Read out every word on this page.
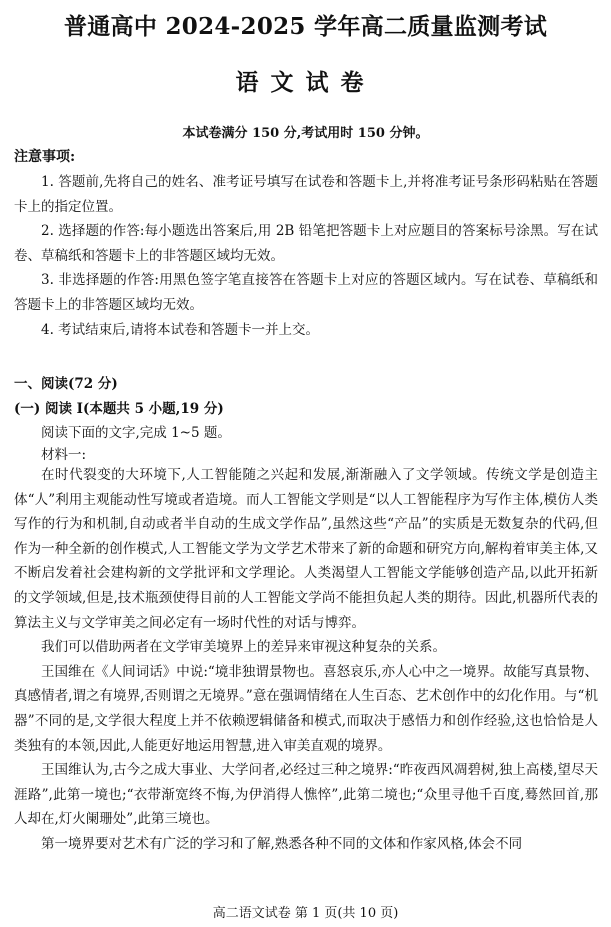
普通高中 2024-2025 学年高二质量监测考试
语文试卷
本试卷满分 150 分,考试用时 150 分钟。
注意事项:

1. 答题前,先将自己的姓名、准考证号填写在试卷和答题卡上,并将准考证号条形码粘贴在答题卡上的指定位置。

2. 选择题的作答:每小题选出答案后,用 2B 铅笔把答题卡上对应题目的答案标号涂黑。写在试卷、草稿纸和答题卡上的非答题区域均无效。

3. 非选择题的作答:用黑色签字笔直接答在答题卡上对应的答题区域内。写在试卷、草稿纸和答题卡上的非答题区域均无效。

4. 考试结束后,请将本试卷和答题卡一并上交。

一、阅读(72 分)
(一) 阅读 Ⅰ(本题共 5 小题,19 分)
阅读下面的文字,完成 1~5 题。
材料一:

在时代裂变的大环境下,人工智能随之兴起和发展,渐渐融入了文学领域。传统文学是创造主体“人”利用主观能动性写境或者造境。而人工智能文学则是“以人工智能程序为写作主体,模仿人类写作的行为和机制,自动或者半自动的生成文学作品”,虽然这些“产品”的实质是无数复杂的代码,但作为一种全新的创作模式,人工智能文学为文学艺术带来了新的命题和研究方向,解构着审美主体,又不断启发着社会建构新的文学批评和文学理论。人类渴望人工智能文学能够创造产品,以此开拓新的文学领域,但是,技术瓶颈使得目前的人工智能文学尚不能担负起人类的期待。因此,机器所代表的算法主义与文学审美之间必定有一场时代性的对话与博弈。

我们可以借助两者在文学审美境界上的差异来审视这种复杂的关系。

王国维在《人间词话》中说:“境非独谓景物也。喜怒哀乐,亦人心中之一境界。故能写真景物、真感情者,谓之有境界,否则谓之无境界。”意在强调情绪在人生百态、艺术创作中的幻化作用。与“机器”不同的是,文学很大程度上并不依赖逻辑储备和模式,而取决于感悟力和创作经验,这也恰恰是人类独有的本领,因此,人能更好地运用智慧,进入审美直观的境界。

王国维认为,古今之成大事业、大学问者,必经过三种之境界:“昨夜西风凋碧树,独上高楼,望尽天涯路”,此第一境也;“衣带渐宽终不悔,为伊消得人憔悴”,此第二境也;“众里寻他千百度,蓦然回首,那人却在,灯火阑珊处”,此第三境也。

第一境界要对艺术有广泛的学习和了解,熟悉各种不同的文体和作家风格,体会不同

高二语文试卷 第 1 页(共 10 页)
